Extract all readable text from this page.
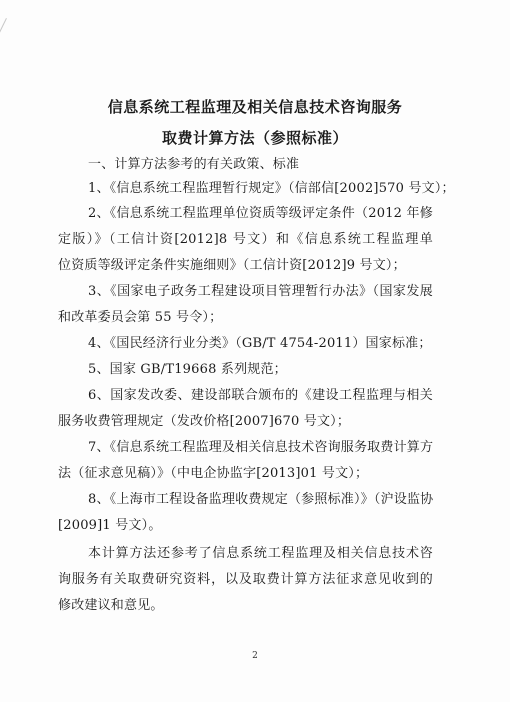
信息系统工程监理及相关信息技术咨询服务
取费计算方法（参照标准）
一、计算方法参考的有关政策、标准
1、《信息系统工程监理暂行规定》（信部信[2002]570 号文）；
2、《信息系统工程监理单位资质等级评定条件（2012 年修
定版）》（工信计资[2012]8 号文）和《信息系统工程监理单
位资质等级评定条件实施细则》（工信计资[2012]9 号文）；
3、《国家电子政务工程建设项目管理暂行办法》（国家发展
和改革委员会第 55 号令）；
4、《国民经济行业分类》（GB/T 4754-2011）国家标准；
5、国家 GB/T19668 系列规范；
6、国家发改委、建设部联合颁布的《建设工程监理与相关
服务收费管理规定（发改价格[2007]670 号文）；
7、《信息系统工程监理及相关信息技术咨询服务取费计算方
法（征求意见稿）》（中电企协监字[2013]01 号文）；
8、《上海市工程设备监理收费规定（参照标准）》（沪设监协
[2009]1 号文）。
本计算方法还参考了信息系统工程监理及相关信息技术咨
询服务有关取费研究资料，以及取费计算方法征求意见收到的
修改建议和意见。
2
